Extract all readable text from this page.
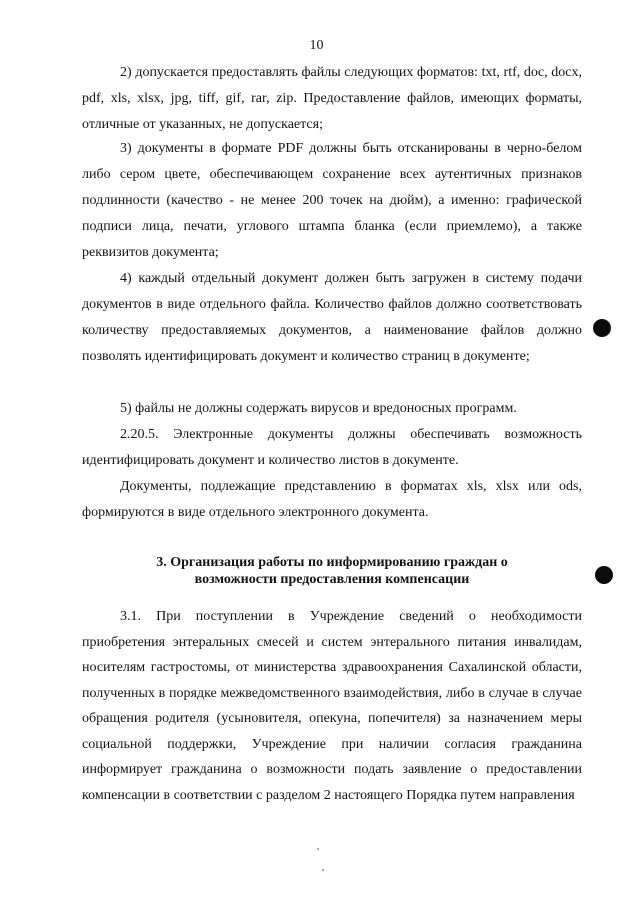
10

2) допускается предоставлять файлы следующих форматов: txt, rtf, doc, docx, pdf, xls, xlsx, jpg, tiff, gif, rar, zip. Предоставление файлов, имеющих форматы, отличные от указанных, не допускается;

3) документы в формате PDF должны быть отсканированы в черно-белом либо сером цвете, обеспечивающем сохранение всех аутентичных признаков подлинности (качество - не менее 200 точек на дюйм), а именно: графической подписи лица, печати, углового штампа бланка (если приемлемо), а также реквизитов документа;

4) каждый отдельный документ должен быть загружен в систему подачи документов в виде отдельного файла. Количество файлов должно соответствовать количеству предоставляемых документов, а наименование файлов должно позволять идентифицировать документ и количество страниц в документе;

5) файлы не должны содержать вирусов и вредоносных программ.

2.20.5. Электронные документы должны обеспечивать возможность идентифицировать документ и количество листов в документе.

Документы, подлежащие представлению в форматах xls, xlsx или ods, формируются в виде отдельного электронного документа.

3. Организация работы по информированию граждан о
возможности предоставления компенсации

3.1. При поступлении в Учреждение сведений о необходимости приобретения энтеральных смесей и систем энтерального питания инвалидам, носителям гастростомы, от министерства здравоохранения Сахалинской области, полученных в порядке межведомственного взаимодействия, либо в случае в случае обращения родителя (усыновителя, опекуна, попечителя) за назначением меры социальной поддержки, Учреждение при наличии согласия гражданина информирует гражданина о возможности подать заявление о предоставлении компенсации в соответствии с разделом 2 настоящего Порядка путем направления
